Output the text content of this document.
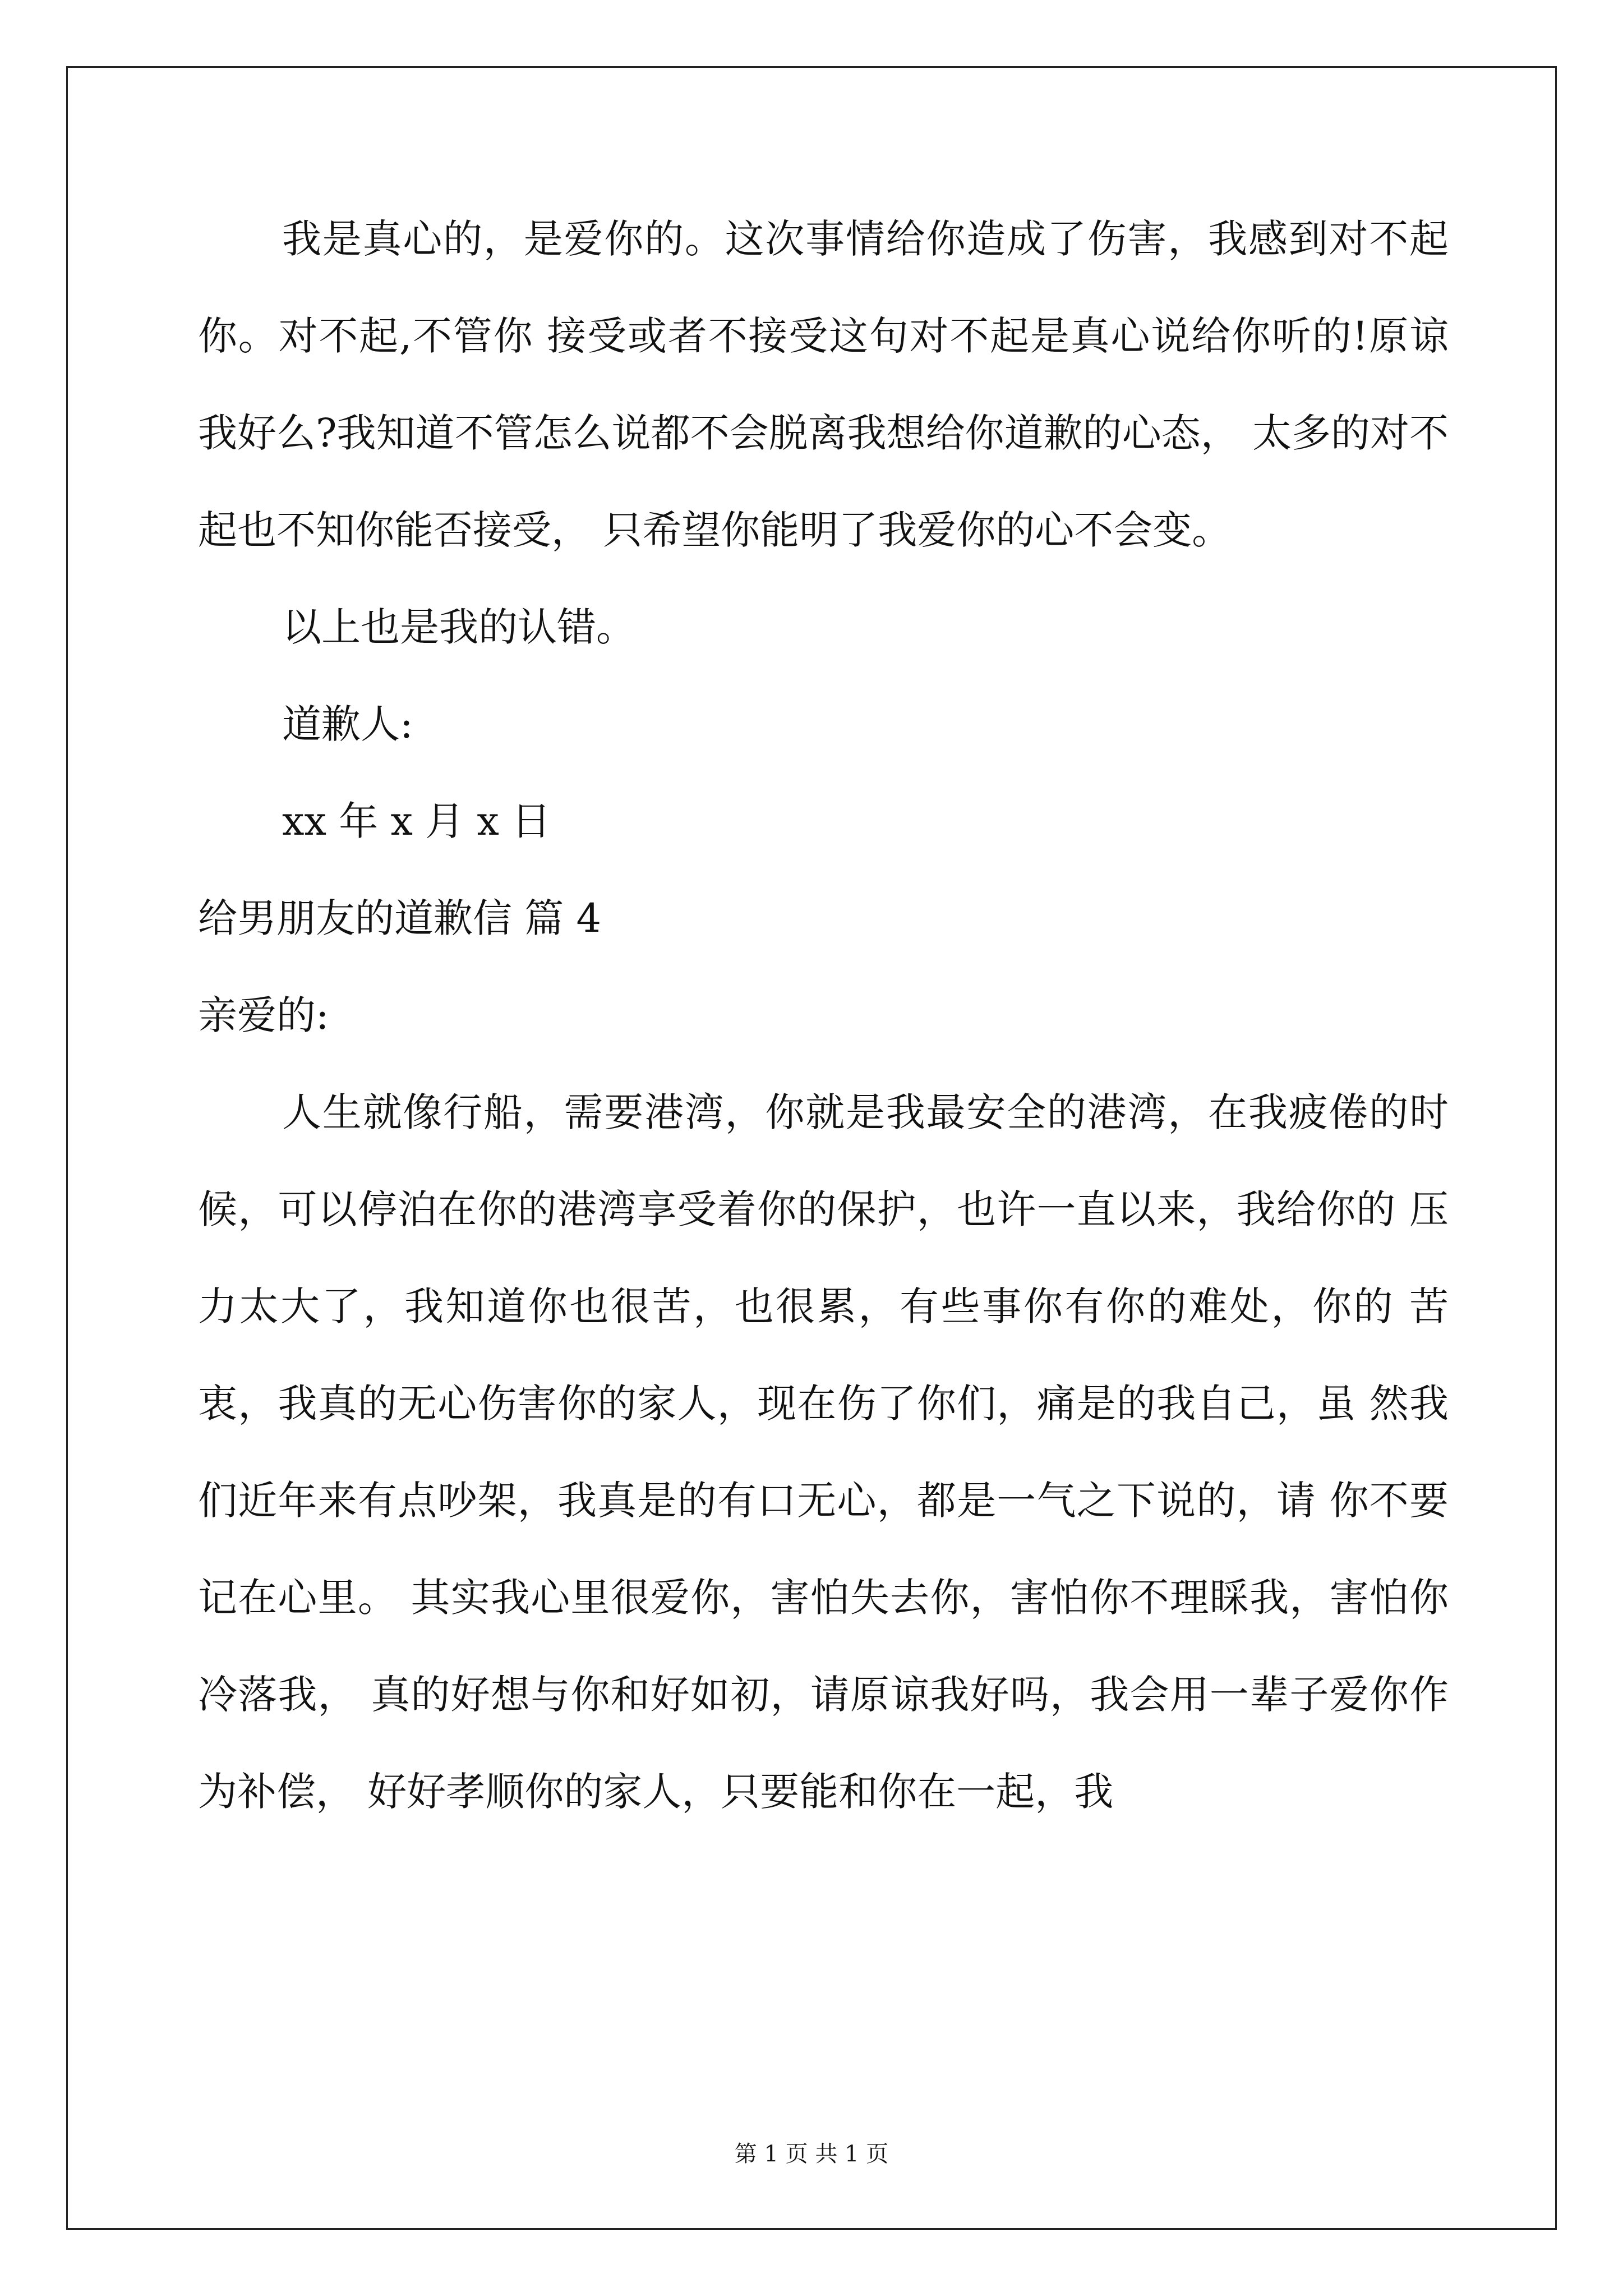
我是真心的，是爱你的。这次事情给你造成了伤害，我感到对不起你。对不起,不管你 接受或者不接受这句对不起是真心说给你听的!原谅我好么?我知道不管怎么说都不会脱离我想给你道歉的心态， 太多的对不起也不知你能否接受， 只希望你能明了我爱你的心不会变。

以上也是我的认错。

道歉人:

xx 年 x 月 x 日

给男朋友的道歉信 篇 4

亲爱的:

人生就像行船，需要港湾，你就是我最安全的港湾，在我疲倦的时 候，可以停泊在你的港湾享受着你的保护，也许一直以来，我给你的 压力太大了，我知道你也很苦，也很累，有些事你有你的难处，你的 苦衷，我真的无心伤害你的家人，现在伤了你们，痛是的我自己，虽 然我们近年来有点吵架，我真是的有口无心，都是一气之下说的，请 你不要记在心里。 其实我心里很爱你，害怕失去你，害怕你不理睬我，害怕你冷落我， 真的好想与你和好如初，请原谅我好吗，我会用一辈子爱你作为补偿， 好好孝顺你的家人，只要能和你在一起，我

第 1 页 共 1 页
